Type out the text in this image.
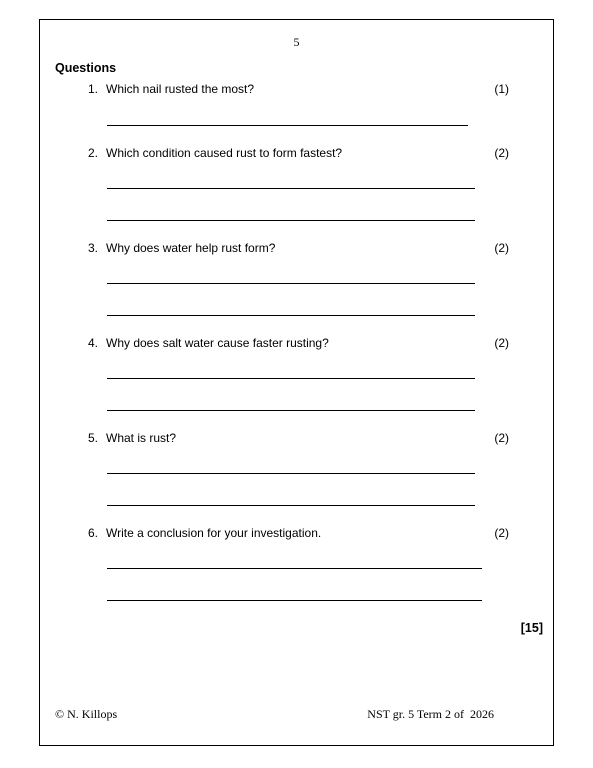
5
Questions
1. Which nail rusted the most?	(1)
2. Which condition caused rust to form fastest?	(2)
3. Why does water help rust form?	(2)
4. Why does salt water cause faster rusting?	(2)
5. What is rust?	(2)
6. Write a conclusion for your investigation.	(2)
[15]
© N. Killops	NST gr. 5 Term 2 of  2026
